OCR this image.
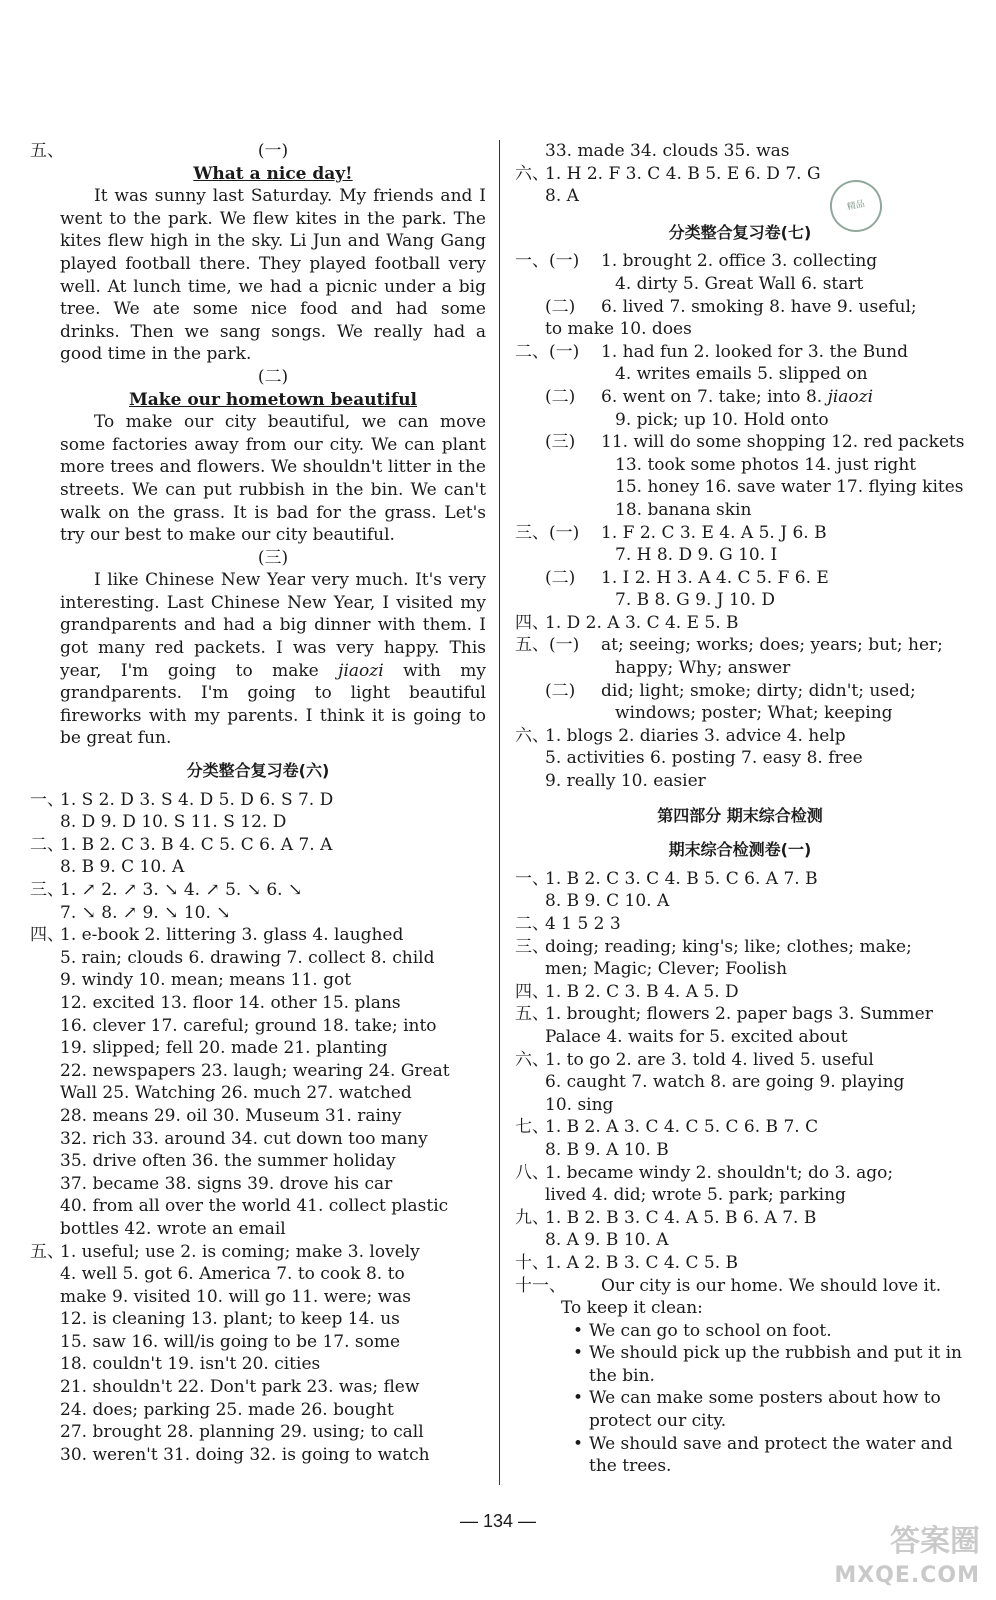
五、	(一)
What a nice day!

It was sunny last Saturday. My friends and I went to the park. We flew kites in the park. The kites flew high in the sky. Li Jun and Wang Gang played football there. They played football very well. At lunch time, we had a picnic under a big tree. We ate some nice food and had some drinks. Then we sang songs. We really had a good time in the park.

(二)
Make our hometown beautiful

To make our city beautiful, we can move some factories away from our city. We can plant more trees and flowers. We shouldn't litter in the streets. We can put rubbish in the bin. We can't walk on the grass. It is bad for the grass. Let's try our best to make our city beautiful.

(三)

I like Chinese New Year very much. It's very interesting. Last Chinese New Year, I visited my grandparents and had a big dinner with them. I got many red packets. I was very happy. This year, I'm going to make jiaozi with my grandparents. I'm going to light beautiful fireworks with my parents. I think it is going to be great fun.

分类整合复习卷(六)
一、
1. S 2. D 3. S 4. D 5. D 6. S 7. D
8. D 9. D 10. S 11. S 12. D
二、
1. B 2. C 3. B 4. C 5. C 6. A 7. A
8. B 9. C 10. A
三、
1. ↗ 2. ↗ 3. ↘ 4. ↗ 5. ↘ 6. ↘
7. ↘ 8. ↗ 9. ↘ 10. ↘
四、
1. e-book 2. littering 3. glass 4. laughed
5. rain; clouds 6. drawing 7. collect 8. child
9. windy 10. mean; means 11. got
12. excited 13. floor 14. other 15. plans
16. clever 17. careful; ground 18. take; into
19. slipped; fell 20. made 21. planting
22. newspapers 23. laugh; wearing 24. Great
Wall 25. Watching 26. much 27. watched
28. means 29. oil 30. Museum 31. rainy
32. rich 33. around 34. cut down too many
35. drive often 36. the summer holiday
37. became 38. signs 39. drove his car
40. from all over the world 41. collect plastic
bottles 42. wrote an email
五、
1. useful; use 2. is coming; make 3. lovely
4. well 5. got 6. America 7. to cook 8. to
make 9. visited 10. will go 11. were; was
12. is cleaning 13. plant; to keep 14. us
15. saw 16. will/is going to be 17. some
18. couldn't 19. isn't 20. cities
21. shouldn't 22. Don't park 23. was; flew
24. does; parking 25. made 26. bought
27. brought 28. planning 29. using; to call
30. weren't 31. doing 32. is going to watch
33. made 34. clouds 35. was
六、
1. H 2. F 3. C 4. B 5. E 6. D 7. G
8. A
分类整合复习卷(七)
一、(一)	1. brought 2. office 3. collecting
4. dirty 5. Great Wall 6. start
(二)	6. lived 7. smoking 8. have 9. useful;
to make 10. does
二、(一)	1. had fun 2. looked for 3. the Bund
4. writes emails 5. slipped on
(二)	6. went on 7. take; into 8. jiaozi
9. pick; up 10. Hold onto
(三)	11. will do some shopping 12. red packets
13. took some photos 14. just right
15. honey 16. save water 17. flying kites
18. banana skin
三、(一)	1. F 2. C 3. E 4. A 5. J 6. B
7. H 8. D 9. G 10. I
(二)	1. I 2. H 3. A 4. C 5. F 6. E
7. B 8. G 9. J 10. D
四、
1. D 2. A 3. C 4. E 5. B
五、(一)	at; seeing; works; does; years; but; her;
happy; Why; answer
(二)	did; light; smoke; dirty; didn't; used;
windows; poster; What; keeping
六、
1. blogs 2. diaries 3. advice 4. help
5. activities 6. posting 7. easy 8. free
9. really 10. easier
第四部分 期末综合检测
期末综合检测卷(一)
一、
1. B 2. C 3. C 4. B 5. C 6. A 7. B
8. B 9. C 10. A
二、
4 1 5 2 3
三、
doing; reading; king's; like; clothes; make;
men; Magic; Clever; Foolish
四、
1. B 2. C 3. B 4. A 5. D
五、
1. brought; flowers 2. paper bags 3. Summer
Palace 4. waits for 5. excited about
六、
1. to go 2. are 3. told 4. lived 5. useful
6. caught 7. watch 8. are going 9. playing
10. sing
七、
1. B 2. A 3. C 4. C 5. C 6. B 7. C
8. B 9. A 10. B
八、
1. became windy 2. shouldn't; do 3. ago;
lived 4. did; wrote 5. park; parking
九、
1. B 2. B 3. C 4. A 5. B 6. A 7. B
8. A 9. B 10. A
十、
1. A 2. B 3. C 4. C 5. B
十一、	Our city is our home. We should love it.
To keep it clean:
• We can go to school on foot.
• We should pick up the rubbish and put it in the bin.
• We can make some posters about how to protect our city.
• We should save and protect the water and the trees.
精品
— 134 —
答案圈
MXQE.COM
